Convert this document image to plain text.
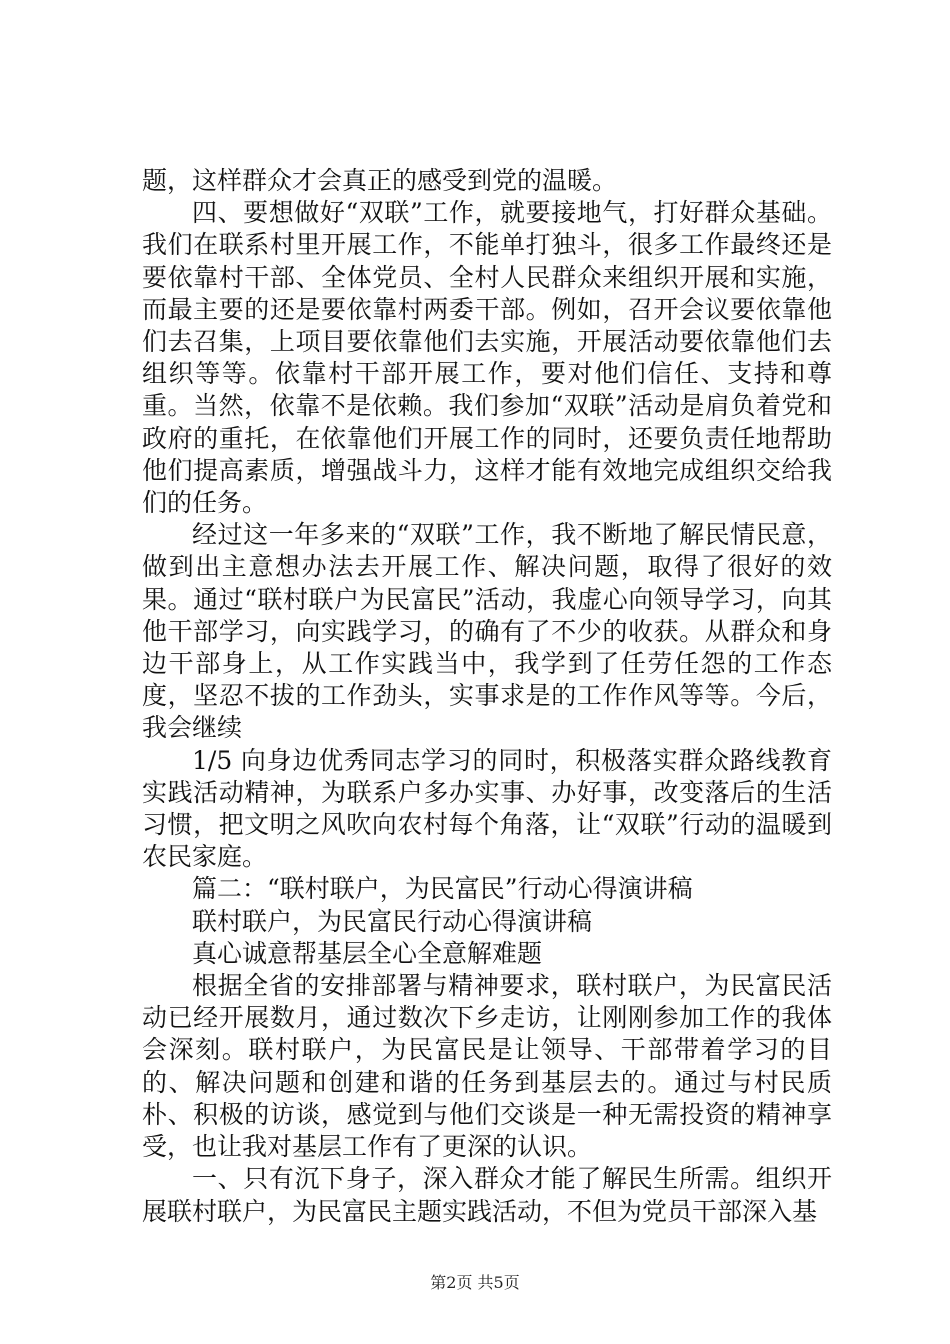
题，这样群众才会真正的感受到党的温暖。

四、要想做好“双联”工作，就要接地气，打好群众基础。我们在联系村里开展工作，不能单打独斗，很多工作最终还是要依靠村干部、全体党员、全村人民群众来组织开展和实施，而最主要的还是要依靠村两委干部。例如，召开会议要依靠他们去召集，上项目要依靠他们去实施，开展活动要依靠他们去组织等等。依靠村干部开展工作，要对他们信任、支持和尊重。当然，依靠不是依赖。我们参加“双联”活动是肩负着党和政府的重托，在依靠他们开展工作的同时，还要负责任地帮助他们提高素质，增强战斗力，这样才能有效地完成组织交给我们的任务。

经过这一年多来的“双联”工作，我不断地了解民情民意，做到出主意想办法去开展工作、解决问题，取得了很好的效果。通过“联村联户为民富民”活动，我虚心向领导学习，向其他干部学习，向实践学习，的确有了不少的收获。从群众和身边干部身上，从工作实践当中，我学到了任劳任怨的工作态度，坚忍不拔的工作劲头，实事求是的工作作风等等。今后，我会继续

1/5 向身边优秀同志学习的同时，积极落实群众路线教育实践活动精神，为联系户多办实事、办好事，改变落后的生活习惯，把文明之风吹向农村每个角落，让“双联”行动的温暖到农民家庭。

篇二：“联村联户，为民富民”行动心得演讲稿

联村联户，为民富民行动心得演讲稿

真心诚意帮基层全心全意解难题

根据全省的安排部署与精神要求，联村联户，为民富民活动已经开展数月，通过数次下乡走访，让刚刚参加工作的我体会深刻。联村联户，为民富民是让领导、干部带着学习的目的、解决问题和创建和谐的任务到基层去的。通过与村民质朴、积极的访谈，感觉到与他们交谈是一种无需投资的精神享受，也让我对基层工作有了更深的认识。

一、只有沉下身子，深入群众才能了解民生所需。组织开展联村联户，为民富民主题实践活动，不但为党员干部深入基

第2页 共5页
